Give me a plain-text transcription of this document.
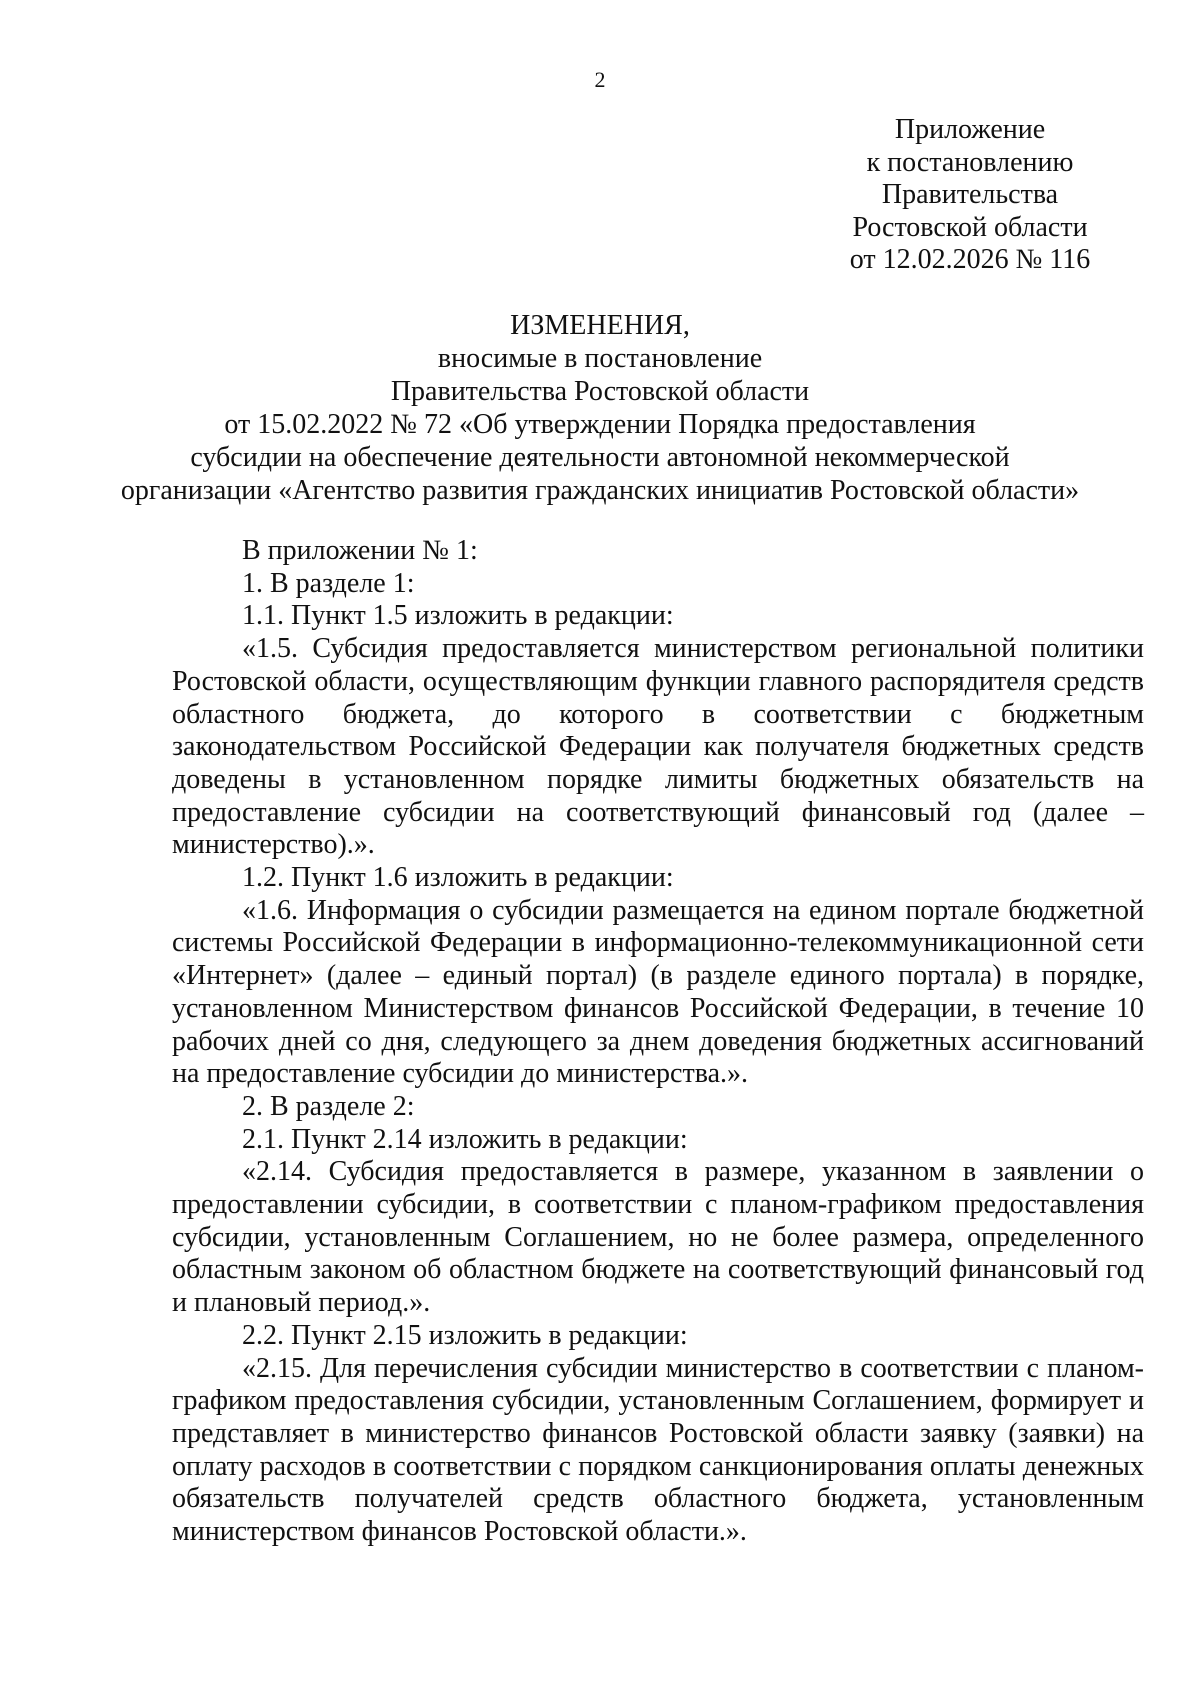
2
Приложение
к постановлению
Правительства
Ростовской области
от 12.02.2026 № 116
ИЗМЕНЕНИЯ,
вносимые в постановление
Правительства Ростовской области
от 15.02.2022 № 72 «Об утверждении Порядка предоставления
субсидии на обеспечение деятельности автономной некоммерческой
организации «Агентство развития гражданских инициатив Ростовской области»

В приложении № 1:

1. В разделе 1:

1.1. Пункт 1.5 изложить в редакции:

«1.5. Субсидия предоставляется министерством региональной политики Ростовской области, осуществляющим функции главного распорядителя средств областного бюджета, до которого в соответствии с бюджетным законодательством Российской Федерации как получателя бюджетных средств доведены в установленном порядке лимиты бюджетных обязательств на предоставление субсидии на соответствующий финансовый год (далее – министерство).».

1.2. Пункт 1.6 изложить в редакции:

«1.6. Информация о субсидии размещается на едином портале бюджетной системы Российской Федерации в информационно-телекоммуникационной сети «Интернет» (далее – единый портал) (в разделе единого портала) в порядке, установленном Министерством финансов Российской Федерации, в течение 10 рабочих дней со дня, следующего за днем доведения бюджетных ассигнований на предоставление субсидии до министерства.».

2. В разделе 2:

2.1. Пункт 2.14 изложить в редакции:

«2.14. Субсидия предоставляется в размере, указанном в заявлении о предоставлении субсидии, в соответствии с планом-графиком предоставления субсидии, установленным Соглашением, но не более размера, определенного областным законом об областном бюджете на соответствующий финансовый год и плановый период.».

2.2. Пункт 2.15 изложить в редакции:

«2.15. Для перечисления субсидии министерство в соответствии с планом-графиком предоставления субсидии, установленным Соглашением, формирует и представляет в министерство финансов Ростовской области заявку (заявки) на оплату расходов в соответствии с порядком санкционирования оплаты денежных обязательств получателей средств областного бюджета, установленным министерством финансов Ростовской области.».
